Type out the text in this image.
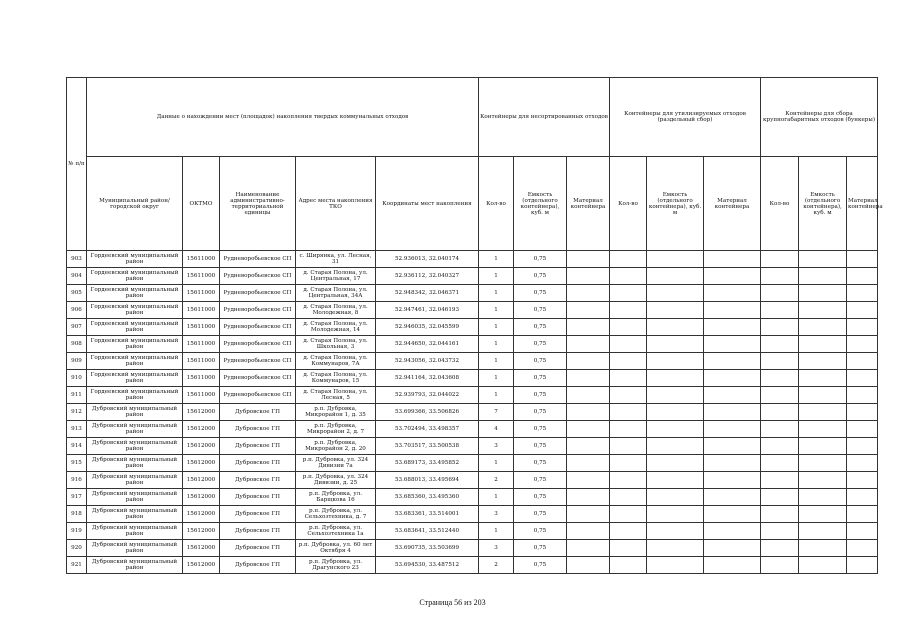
№ п/п	Данные о нахождении мест (площадок) накопления твердых коммунальных отходов					Контейнеры для несортированных отходов			Контейнеры для утилизируемых отходов (раздельный сбор)			Контейнеры для сбора крупногабаритных отходов (бункеры)		
	Муниципальный район/городской округ	ОКТМО	Наименование административно-территориальной единицы	Адрес места накопления ТКО	Координаты мест накопления	Кол-во	Емкость (отдельного контейнера), куб. м	Материал контейнера	Кол-во	Емкость (отдельного контейнера), куб. м	Материал контейнера	Кол-во	Емкость (отдельного контейнера), куб. м	Материал контейнера
903	Гордеевский муниципальный район	15611000	Рудневоробьевское СП	с. Ширянка, ул. Лесная, 31	52.936013, 32.040174	1	0,75							
904	Гордеевский муниципальный район	15611000	Рудневоробьевское СП	д. Старая Полона, ул. Центральная, 17	52.936112, 32.040327	1	0,75							
905	Гордеевский муниципальный район	15611000	Рудневоробьевское СП	д. Старая Полона, ул. Центральная, 34А	52.948342, 32.046371	1	0,75							
906	Гордеевский муниципальный район	15611000	Рудневоробьевское СП	д. Старая Полона, ул. Молодежная, 8	52.947461, 32.046193	1	0,75							
907	Гордеевский муниципальный район	15611000	Рудневоробьевское СП	д. Старая Полона, ул. Молодежная, 14	52.946035, 32.045599	1	0,75							
908	Гордеевский муниципальный район	15611000	Рудневоробьевское СП	д. Старая Полона, ул. Школьная, 3	52.944650, 32.044161	1	0,75							
909	Гордеевский муниципальный район	15611000	Рудневоробьевское СП	д. Старая Полона, ул. Коммунаров, 7А	52.943056, 32.043732	1	0,75							
910	Гордеевский муниципальный район	15611000	Рудневоробьевское СП	д. Старая Полона, ул. Коммунаров, 15	52.941164, 32.043608	1	0,75							
911	Гордеевский муниципальный район	15611000	Рудневоробьевское СП	д. Старая Полона, ул. Лесная, 5	52.939793, 32.044022	1	0,75							
912	Дубровский муниципальный район	15612000	Дубровское ГП	р.п. Дубровка, Микрорайон 1, д. 35	53.699366, 33.506826	7	0,75							
913	Дубровский муниципальный район	15612000	Дубровское ГП	р.п. Дубровка, Микрорайон 2, д. 7	53.702494, 33.498357	4	0,75							
914	Дубровский муниципальный район	15612000	Дубровское ГП	р.п. Дубровка, Микрорайон 2, д. 20	53.703517, 33.500538	3	0,75							
915	Дубровский муниципальный район	15612000	Дубровское ГП	р.п. Дубровка, ул. 324 Дивизии 7а	53.689173, 33.495852	1	0,75							
916	Дубровский муниципальный район	15612000	Дубровское ГП	р.п. Дубровка, ул. 324 Дивизии, д. 25	53.688013, 33.495694	2	0,75							
917	Дубровский муниципальный район	15612000	Дубровское ГП	р.п. Дубровка, ул. Барщкова 16	53.685360, 33.495360	1	0,75							
918	Дубровский муниципальный район	15612000	Дубровское ГП	р.п. Дубровка, ул. Сельхозтехника, д. 7	53.683361, 33.514001	3	0,75							
919	Дубровский муниципальный район	15612000	Дубровское ГП	р.п. Дубровка, ул. Сельхозтехника 1а	53.683641, 33.512440	1	0,75							
920	Дубровский муниципальный район	15612000	Дубровское ГП	р.п. Дубровка, ул. 60 лет Октября 4	53.690735, 33.503699	3	0,75							
921	Дубровский муниципальный район	15612000	Дубровское ГП	р.п. Дубровка, ул. Драгунского 23	53.694530, 33.487512	2	0,75							
Страница 56 из 203
